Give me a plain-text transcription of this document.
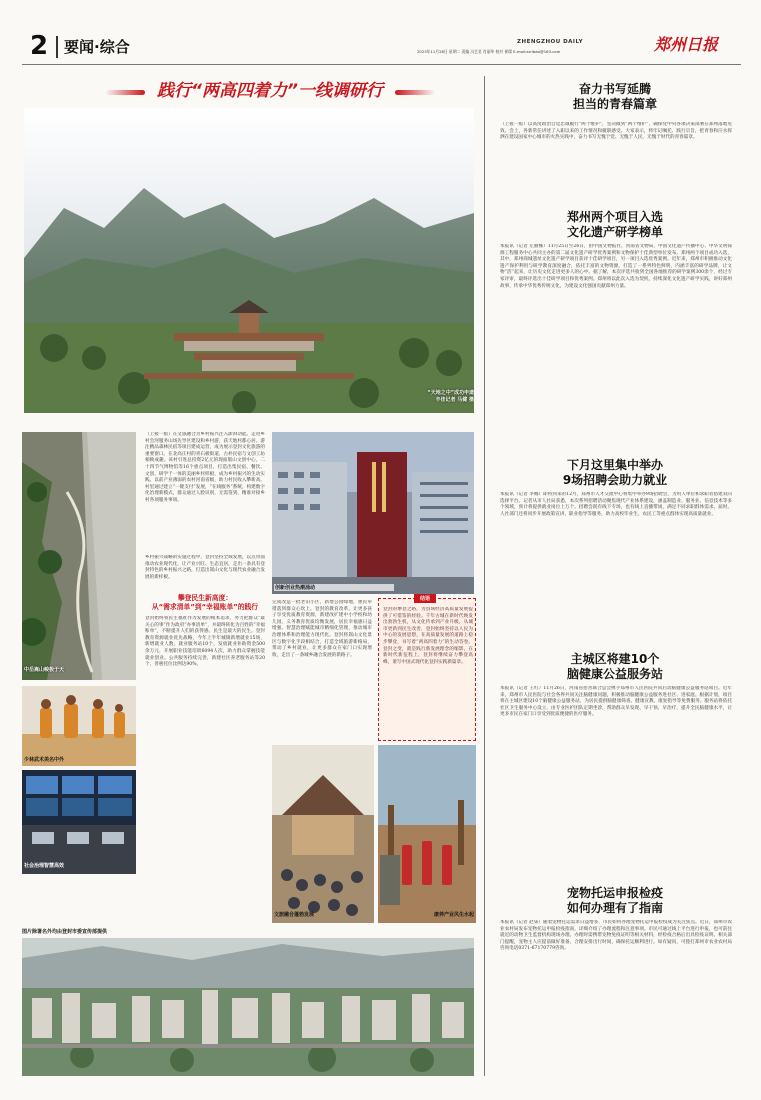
2 要闻·综合	ZHENGZHOU DAILY	郑州日报
2023年11月28日 星期二 责编 冯艺君 肖丽华 校对 崔璨 E-mail:zzribao@163.com
践行“两高四着力”一线调研行
“天地之中”成功申遗
丰佳记者 马健 摄
中岳嵩山峻极于天
（上接一版）在文旅融合为乡村振兴注入澎湃动能。走进乡村会河服务山场先导区建设和乡村游，获天地村都心居。游注精品森林民宿等项目建成运营，成为展示登封文化旅游的重要窗口。在北高庄村的青石板街道，古朴民宿与文创工坊相映成趣。该村引进总投资2亿元的现面版山文创中心，二十四节气博物馆等16个重点项目，打造出集民宿、餐饮、文创、研学于一体的美丽乡村样板，成为乡村振兴的生动实践。以前产业薄弱的农村河南省级，助力村民收入攀新高。村里通过建立“一键支付”发展，“在线服务”系统，构建数字化治理新模式，群众通过人脸识别，无需签到，精准对接乡村各项服务事项。
乡村振兴战略的实施过程中，登封坚持全域发展，以点带面推动农业现代化，让产业兴旺、生态宜居，走出一条具有登封特色的乡村振兴之路，打造出嵩山文化与现代农业融合发展的新样板。
攀登民生新高度：
从“需求清单”到“幸福账单”的践行
登封始终将民生福祉作为发展的根本追求，努力把群众“最关心的事”作为政府“办事清单”，并最终转化为百姓的“幸福账单”，不断提升人们的获得感。民生是最大的民生。登封教育资源就业优先战略，今年上半年城镇新增就业15场，新增就业人数，就业服务站10个，发放就业补助资金500余万元，开展职业技能培训6094人次，助力群众掌握技能就业创业。公共服务持续完善，新建社区养老服务站等20个，普惠托位比例达90%，
创新创业热潮涌动
少林武术美名中外
社会治理智慧高效
完成改造一批老旧小区，新增公园绿地，惠民举措落到群众心坎上。登封的教育改革，让更多孩子享受优质教育资源，新建改扩建中小学校和幼儿园，义务教育优质均衡发展，居民幸福感日益增强。智慧治理赋能城市精细化管理，推动城市治理体系和治理能力现代化。登封将嵩山文化景区与数字化手段相结合，打造全域旅游新格局，带动了乡村就业，让更多群众在家门口实现增收，走出了一条城乡融合发展的新路子。
结语
登封的攀登之路，为县域经济高质量发展提供了可借鉴的经验。千年古城在新时代焕发出勃勃生机，从文化传承到产业升级，从城市更新到民生改善，登封始终坚持以人民为中心的发展思想，在高质量发展的道路上稳步攀登，书写着“两高四着力”的生动答卷。登封之变，就是践行新发展理念的缩影，在新时代新征程上，登封将继续奋力攀登高峰，谱写中国式现代化登封实践新篇章。
文旅融合蓬勃发展	康养产业风生水起
图片除署名外均由登封市委宣传部提供
奋力书写延腾
担当的青春篇章
（上接一版）以高度政治自觉忠诚履行“两个维护”，坚决做到“两个维护”，确保党中央各项决策部署在郑州落地见效。会上，各新常任讲述了入职以来的工作情况和履职感受。大家表示，将牢记嘱托、践行宗旨，把青春和汗水挥洒在建设国家中心城市的火热实践中，奋力书写无愧于党、无愧于人民、无愧于时代的青春篇章。
郑州两个项目入选
文化遗产研学榜单
本报讯（记者 左丽娜）11月25日至26日，由中国文物报社、河南省文物局、中国文化遗产传播中心、中华文明探源工程服务中心共同主办的第二届文化遗产研学优秀案例和文物保护十佳典型单位发布。郑州两个项目成功入选，其中，郑州商城遗址文化遗产研学项目获评十佳研学项目，另一项目入选优秀案例。近年来，郑州市积极推动文化遗产保护利用与研学教育深度融合，依托丰富的文物资源，打造了一系列特色鲜明、内涵丰富的研学品牌，让文物“活”起来，让历史文化走进更多人的心中。据了解，本次评选共收到全国各地推荐的研学案例300余个，经过专家评审，最终评选出十佳研学项目和优秀案例。郑州将以此次入选为契机，持续深化文化遗产研学实践，讲好郑州故事，传承中华优秀传统文化，为建设文化强国贡献郑州力量。
下月这里集中举办
9场招聘会助力就业
本报讯（记者 李娜）即将到来的12月，郑州市人才交流中心将集中举办9场招聘会，为用人单位和求职者搭建双向选择平台。记者从市人社局获悉，本次系列招聘活动聚焦现代产业体系建设，涵盖制造业、服务业、信息技术等多个领域，预计将提供就业岗位上万个。招聘会既有线下专场，也有线上直播带岗，满足不同求职群体需求。届时，人社部门还将同步开展政策宣讲、职业指导等服务，助力高校毕业生、农民工等重点群体实现高质量就业。
主城区将建10个
脑健康公益服务站
本报讯（记者 王红）11月26日，河南省慈善联合总会携手郑州市人民医院共同启动脑健康公益服务站项目。近年来，郑州市人民医院与社会各界共同关注脑健康问题，积极推动脑健康公益服务进社区、进家庭。根据计划，项目将在主城区建设10个脑健康公益服务站，为居民提供脑健康筛查、健康宣教、康复指导等免费服务。服务站将依托社区卫生服务中心设立，由专业医护团队定期坐诊，帮助群众早发现、早干预、早治疗，提升全民脑健康水平，让更多市民在家门口享受到优质便捷的医疗服务。
宠物托运申报检疫
如何办理有了指南
本报讯（记者 赵柒）随着宠物托运需求日益增多，市民如何办理宠物托运申报检疫成为关注焦点。近日，郑州市农业农村局发布宠物托运申报检疫指南，详细介绍了办理流程和注意事项。市民可通过线上平台进行申报，也可前往就近的动物卫生监督机构现场办理。办理时需携带宠物免疫证明等相关材料，经检疫合格后出具检疫证明。相关部门提醒，宠物主人应提前做好准备，合理安排出行时间，确保托运顺利进行。如有疑问，可拨打郑州市农业农村局咨询电话0371-67170779咨询。
